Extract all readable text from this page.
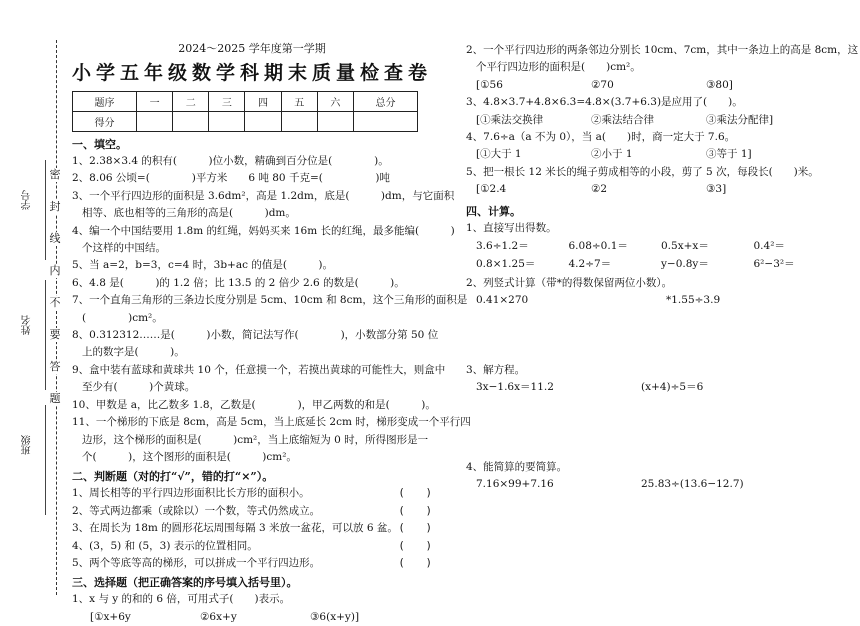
学号
姓名
班级
密
封
线
内
不
要
答
题
2024～2025 学年度第一学期
小学五年级数学科期末质量检查卷
题序	一	二	三	四	五	六	总分
得分							
一、填空。
1、2.38×3.4 的积有(　　　)位小数，精确到百分位是(　　　　)。
2、8.06 公顷=(　　　　)平方米　　6 吨 80 千克=(　　　　　)吨
3、一个平行四边形的面积是 3.6dm²，高是 1.2dm，底是(　　　)dm，与它面积
相等、底也相等的三角形的高是(　　　)dm。
4、编一个中国结要用 1.8m 的红绳，妈妈买来 16m 长的红绳，最多能编(　　　)
个这样的中国结。
5、当 a=2，b=3，c=4 时，3b+ac 的值是(　　　)。
6、4.8 是(　　　)的 1.2 倍；比 13.5 的 2 倍少 2.6 的数是(　　　)。
7、一个直角三角形的三条边长度分别是 5cm、10cm 和 8cm，这个三角形的面积是
(　　　　)cm²。
8、0.312312……是(　　　)小数，简记法写作(　　　　)，小数部分第 50 位
上的数字是(　　　)。
9、盒中装有蓝球和黄球共 10 个，任意摸一个，若摸出黄球的可能性大，则盒中
至少有(　　　)个黄球。
10、甲数是 a，比乙数多 1.8，乙数是(　　　　)，甲乙两数的和是(　　　)。
11、一个梯形的下底是 8cm，高是 5cm，当上底延长 2cm 时，梯形变成一个平行四
边形，这个梯形的面积是(　　　)cm²，当上底缩短为 0 时，所得图形是一
个(　　　)，这个图形的面积是(　　　)cm²。
二、判断题（对的打“√”，错的打“×”）。
1、周长相等的平行四边形面积比长方形的面积小。	(　　)
2、等式两边都乘（或除以）一个数，等式仍然成立。	(　　)
3、在周长为 18m 的圆形花坛周围每隔 3 米放一盆花，可以放 6 盆。 (　　)
4、(3，5) 和 (5，3) 表示的位置相同。	(　　)
5、两个等底等高的梯形，可以拼成一个平行四边形。	(　　)
三、选择题（把正确答案的序号填入括号里）。
1、x 与 y 的和的 6 倍，可用式子(　　)表示。
[①x+6y	②6x+y	③6(x+y)]
2、一个平行四边形的两条邻边分别长 10cm、7cm，其中一条边上的高是 8cm，这
个平行四边形的面积是(　　)cm²。
[①56	②70	③80]
3、4.8×3.7+4.8×6.3=4.8×(3.7+6.3)是应用了(　　)。
[①乘法交换律	②乘法结合律	③乘法分配律]
4、7.6÷a（a 不为 0），当 a(　　)时，商一定大于 7.6。
[①大于 1	②小于 1	③等于 1]
5、把一根长 12 米长的绳子剪成相等的小段，剪了 5 次，每段长(　　)米。
[①2.4	②2	③3]
四、计算。
1、直接写出得数。
3.6÷1.2＝	6.08÷0.1＝	0.5x+x＝	0.4²＝
0.8×1.25＝	4.2÷7＝	y−0.8y＝	6²−3²＝
2、列竖式计算（带*的得数保留两位小数）。
0.41×270	*1.55÷3.9
3、解方程。
3x−1.6x＝11.2	(x+4)÷5＝6
4、能简算的要简算。
7.16×99+7.16	25.83÷(13.6−12.7)
